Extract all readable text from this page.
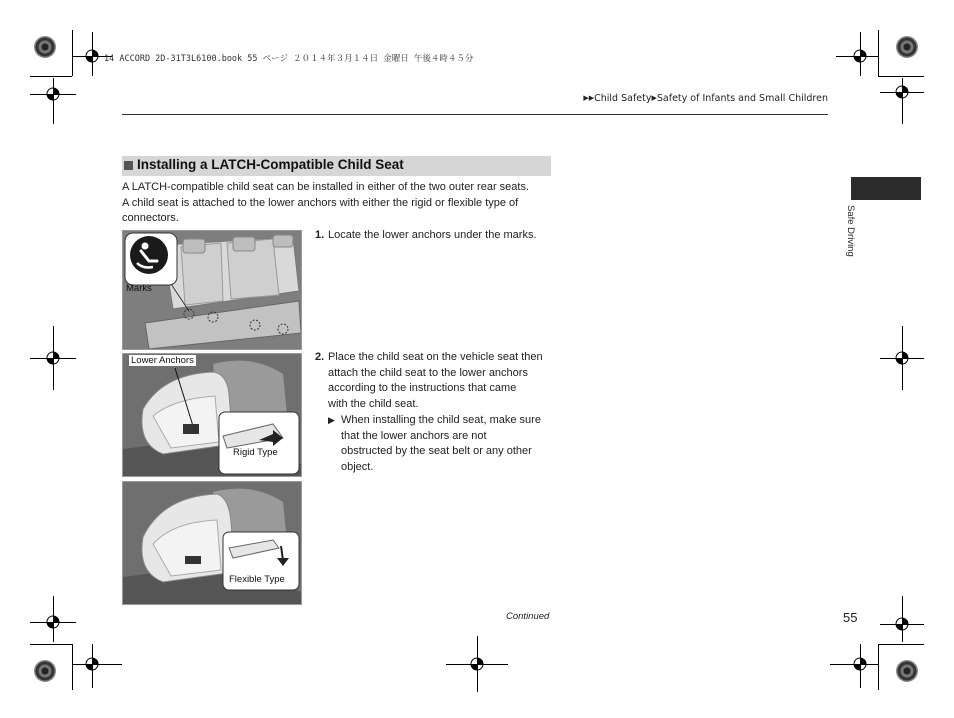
14 ACCORD 2D-31T3L6100.book 55 ページ ２０１４年３月１４日 金曜日 午後４時４５分
▶▶Child Safety▶Safety of Infants and Small Children
Installing a LATCH-Compatible Child Seat
A LATCH-compatible child seat can be installed in either of the two outer rear seats.
A child seat is attached to the lower anchors with either the rigid or flexible type of
connectors.
Marks
Lower Anchors
Rigid Type
Flexible Type
1. Locate the lower anchors under the marks.
2. Place the child seat on the vehicle seat then
attach the child seat to the lower anchors
according to the instructions that came
with the child seat.
▶ When installing the child seat, make sure
that the lower anchors are not
obstructed by the seat belt or any other
object.
Continued	55
Safe Driving
